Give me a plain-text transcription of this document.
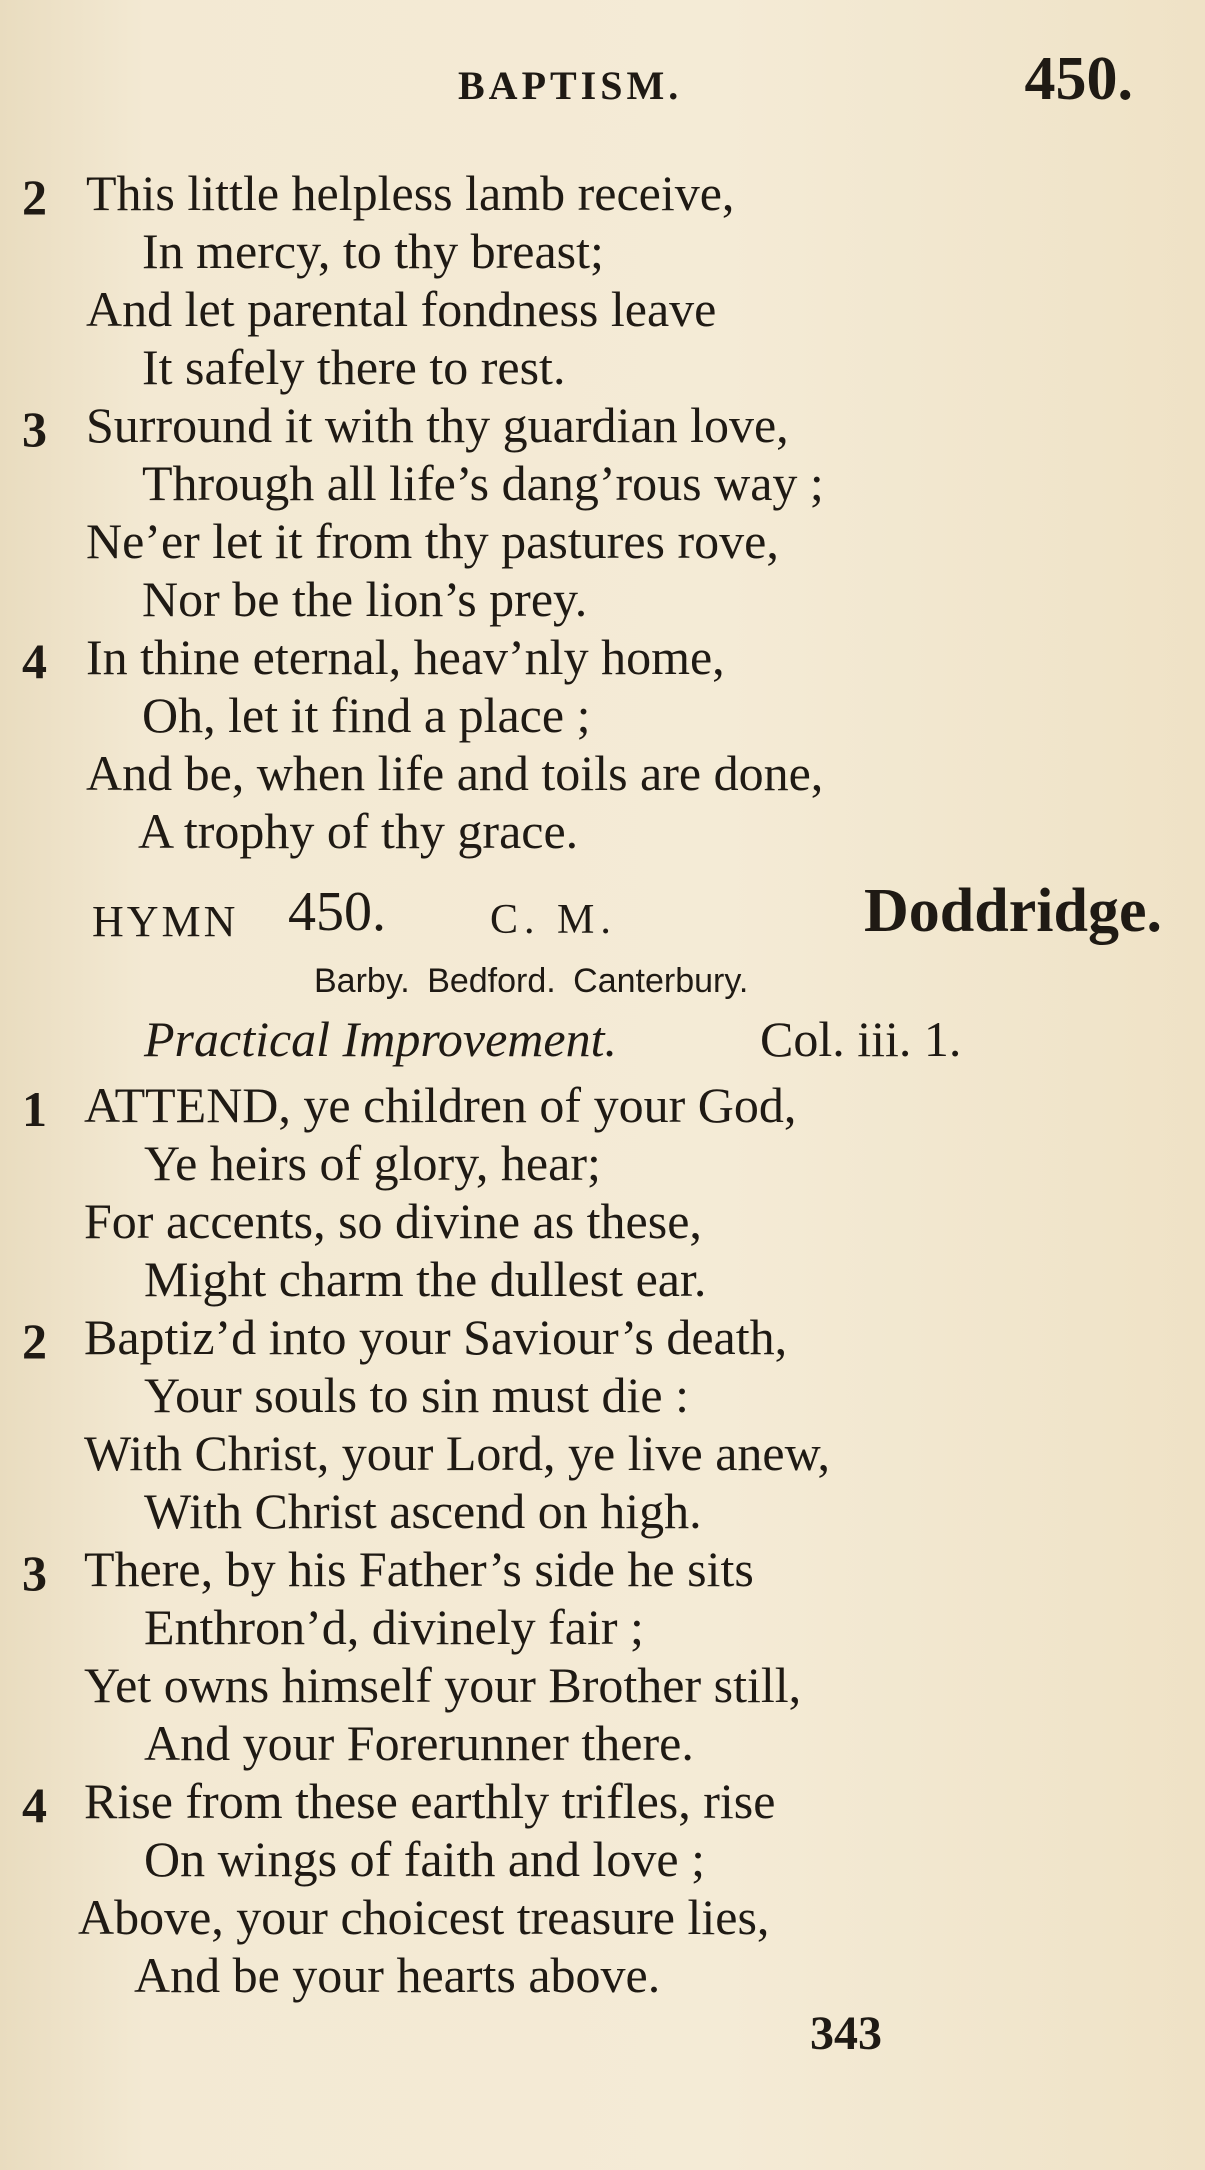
BAPTISM.	450.
2 This little helpless lamb receive,
In mercy, to thy breast;
And let parental fondness leave
It safely there to rest.
3 Surround it with thy guardian love,
Through all life’s dang’rous way ;
Ne’er let it from thy pastures rove,
Nor be the lion’s prey.
4 In thine eternal, heav’nly home,
Oh, let it find a place ;
And be, when life and toils are done,
A trophy of thy grace.
HYMN 450. C. M.	Doddridge.
Barby. Bedford. Canterbury.
Practical Improvement.	Col. iii. 1.
1 ATTEND, ye children of your God,
Ye heirs of glory, hear;
For accents, so divine as these,
Might charm the dullest ear.
2 Baptiz’d into your Saviour’s death,
Your souls to sin must die :
With Christ, your Lord, ye live anew,
With Christ ascend on high.
3 There, by his Father’s side he sits
Enthron’d, divinely fair ;
Yet owns himself your Brother still,
And your Forerunner there.
4 Rise from these earthly trifles, rise
On wings of faith and love ;
Above, your choicest treasure lies,
And be your hearts above.
343
